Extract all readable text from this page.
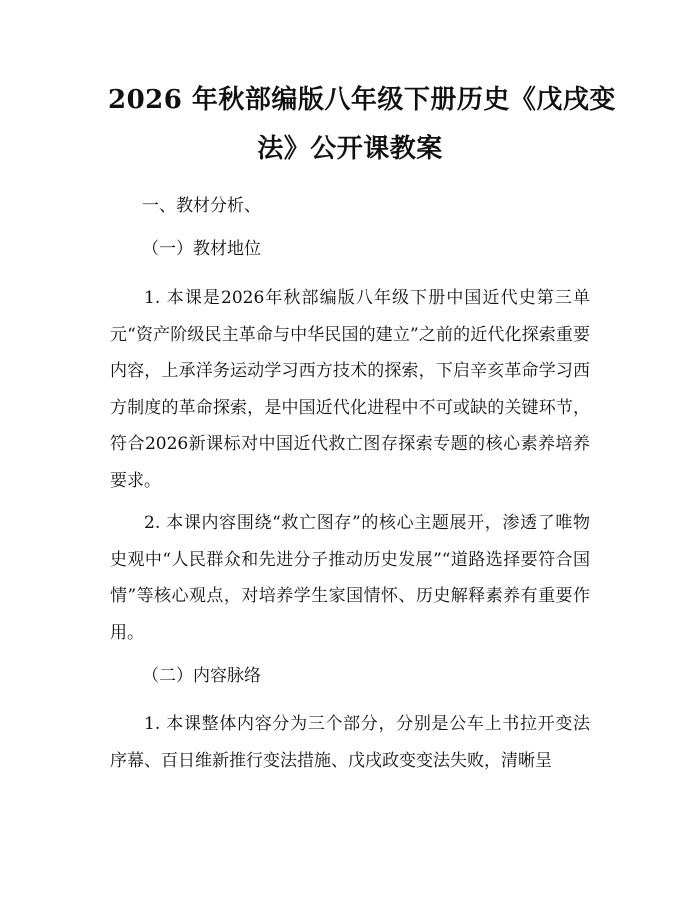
2026 年秋部编版八年级下册历史《戊戌变
法》公开课教案
一、教材分析、
（一）教材地位
1. 本课是2026年秋部编版八年级下册中国近代史第三单元“资产阶级民主革命与中华民国的建立”之前的近代化探索重要内容，上承洋务运动学习西方技术的探索，下启辛亥革命学习西方制度的革命探索，是中国近代化进程中不可或缺的关键环节，符合2026新课标对中国近代救亡图存探索专题的核心素养培养要求。
2. 本课内容围绕“救亡图存”的核心主题展开，渗透了唯物史观中“人民群众和先进分子推动历史发展”“道路选择要符合国情”等核心观点，对培养学生家国情怀、历史解释素养有重要作用。
（二）内容脉络
1. 本课整体内容分为三个部分，分别是公车上书拉开变法序幕、百日维新推行变法措施、戊戌政变变法失败，清晰呈
